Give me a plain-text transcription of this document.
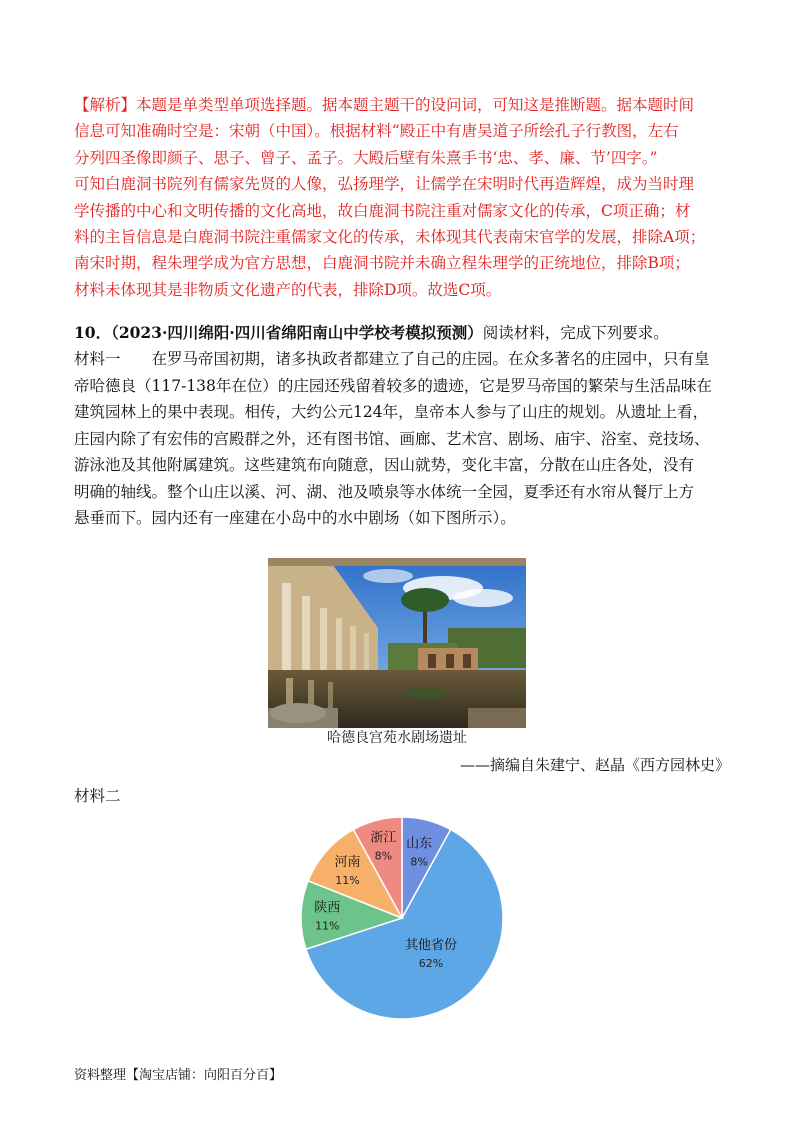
【解析】本题是单类型单项选择题。据本题主题干的设问词，可知这是推断题。据本题时间

信息可知准确时空是：宋朝（中国）。根据材料“殿正中有唐吴道子所绘孔子行教图，左右

分列四圣像即颜子、思子、曾子、孟子。大殿后壁有朱熹手书‘忠、孝、廉、节’四字。”

可知白鹿洞书院列有儒家先贤的人像，弘扬理学，让儒学在宋明时代再造辉煌，成为当时理

学传播的中心和文明传播的文化高地，故白鹿洞书院注重对儒家文化的传承，C项正确；材

料的主旨信息是白鹿洞书院注重儒家文化的传承，未体现其代表南宋官学的发展，排除A项；

南宋时期，程朱理学成为官方思想，白鹿洞书院并未确立程朱理学的正统地位，排除B项；

材料未体现其是非物质文化遗产的代表，排除D项。故选C项。

10．（2023·四川绵阳·四川省绵阳南山中学校考模拟预测）阅读材料，完成下列要求。

材料一　　在罗马帝国初期，诸多执政者都建立了自己的庄园。在众多著名的庄园中，只有皇

帝哈德良（117-138年在位）的庄园还残留着较多的遗迹，它是罗马帝国的繁荣与生活品味在

建筑园林上的果中表现。相传，大约公元124年，皇帝本人参与了山庄的规划。从遗址上看，

庄园内除了有宏伟的宫殿群之外，还有图书馆、画廊、艺术宫、剧场、庙宇、浴室、竞技场、

游泳池及其他附属建筑。这些建筑布向随意，因山就势，变化丰富，分散在山庄各处，没有

明确的轴线。整个山庄以溪、河、湖、池及喷泉等水体统一全园，夏季还有水帘从餐厅上方

悬垂而下。园内还有一座建在小岛中的水中剧场（如下图所示）。

哈德良宫苑水剧场遗址
——摘编自朱建宁、赵晶《西方园林史》
材料二
山东
8%
其他省份
62%
陕西
11%
河南
11%
浙江
8%
资料整理【淘宝店铺：向阳百分百】
